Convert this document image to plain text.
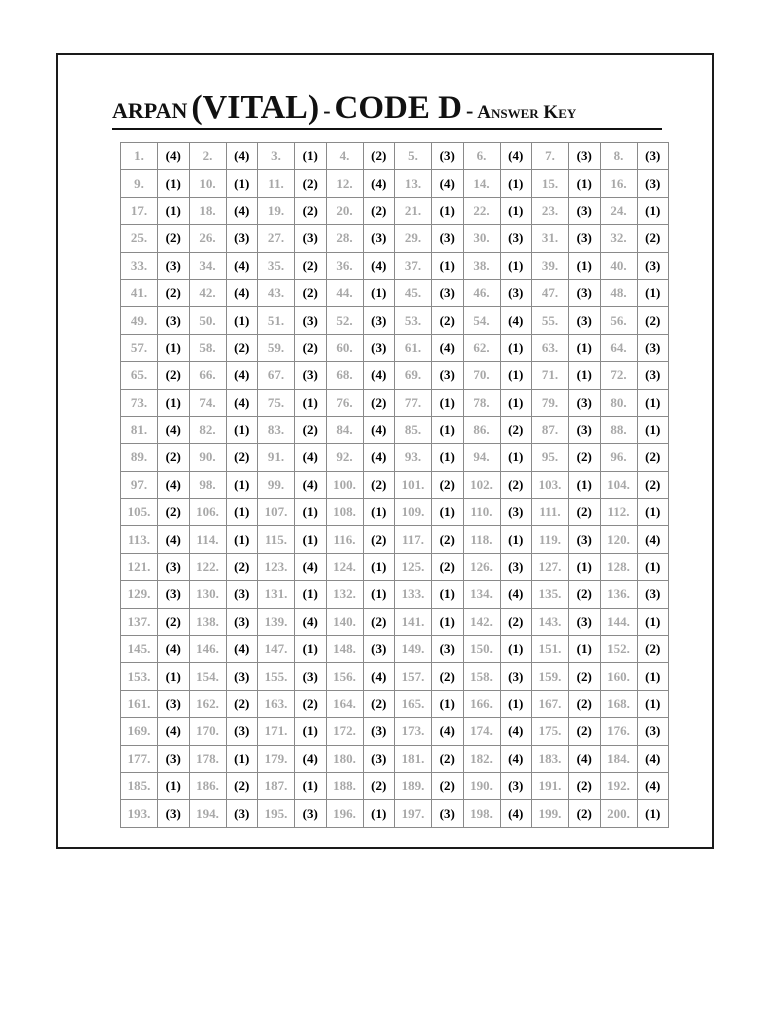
ARPAN (VITAL) - CODE D - Answer Key
1.	(4)	2.	(4)	3.	(1)	4.	(2)	5.	(3)	6.	(4)	7.	(3)	8.	(3)
9.	(1)	10.	(1)	11.	(2)	12.	(4)	13.	(4)	14.	(1)	15.	(1)	16.	(3)
17.	(1)	18.	(4)	19.	(2)	20.	(2)	21.	(1)	22.	(1)	23.	(3)	24.	(1)
25.	(2)	26.	(3)	27.	(3)	28.	(3)	29.	(3)	30.	(3)	31.	(3)	32.	(2)
33.	(3)	34.	(4)	35.	(2)	36.	(4)	37.	(1)	38.	(1)	39.	(1)	40.	(3)
41.	(2)	42.	(4)	43.	(2)	44.	(1)	45.	(3)	46.	(3)	47.	(3)	48.	(1)
49.	(3)	50.	(1)	51.	(3)	52.	(3)	53.	(2)	54.	(4)	55.	(3)	56.	(2)
57.	(1)	58.	(2)	59.	(2)	60.	(3)	61.	(4)	62.	(1)	63.	(1)	64.	(3)
65.	(2)	66.	(4)	67.	(3)	68.	(4)	69.	(3)	70.	(1)	71.	(1)	72.	(3)
73.	(1)	74.	(4)	75.	(1)	76.	(2)	77.	(1)	78.	(1)	79.	(3)	80.	(1)
81.	(4)	82.	(1)	83.	(2)	84.	(4)	85.	(1)	86.	(2)	87.	(3)	88.	(1)
89.	(2)	90.	(2)	91.	(4)	92.	(4)	93.	(1)	94.	(1)	95.	(2)	96.	(2)
97.	(4)	98.	(1)	99.	(4)	100.	(2)	101.	(2)	102.	(2)	103.	(1)	104.	(2)
105.	(2)	106.	(1)	107.	(1)	108.	(1)	109.	(1)	110.	(3)	111.	(2)	112.	(1)
113.	(4)	114.	(1)	115.	(1)	116.	(2)	117.	(2)	118.	(1)	119.	(3)	120.	(4)
121.	(3)	122.	(2)	123.	(4)	124.	(1)	125.	(2)	126.	(3)	127.	(1)	128.	(1)
129.	(3)	130.	(3)	131.	(1)	132.	(1)	133.	(1)	134.	(4)	135.	(2)	136.	(3)
137.	(2)	138.	(3)	139.	(4)	140.	(2)	141.	(1)	142.	(2)	143.	(3)	144.	(1)
145.	(4)	146.	(4)	147.	(1)	148.	(3)	149.	(3)	150.	(1)	151.	(1)	152.	(2)
153.	(1)	154.	(3)	155.	(3)	156.	(4)	157.	(2)	158.	(3)	159.	(2)	160.	(1)
161.	(3)	162.	(2)	163.	(2)	164.	(2)	165.	(1)	166.	(1)	167.	(2)	168.	(1)
169.	(4)	170.	(3)	171.	(1)	172.	(3)	173.	(4)	174.	(4)	175.	(2)	176.	(3)
177.	(3)	178.	(1)	179.	(4)	180.	(3)	181.	(2)	182.	(4)	183.	(4)	184.	(4)
185.	(1)	186.	(2)	187.	(1)	188.	(2)	189.	(2)	190.	(3)	191.	(2)	192.	(4)
193.	(3)	194.	(3)	195.	(3)	196.	(1)	197.	(3)	198.	(4)	199.	(2)	200.	(1)
